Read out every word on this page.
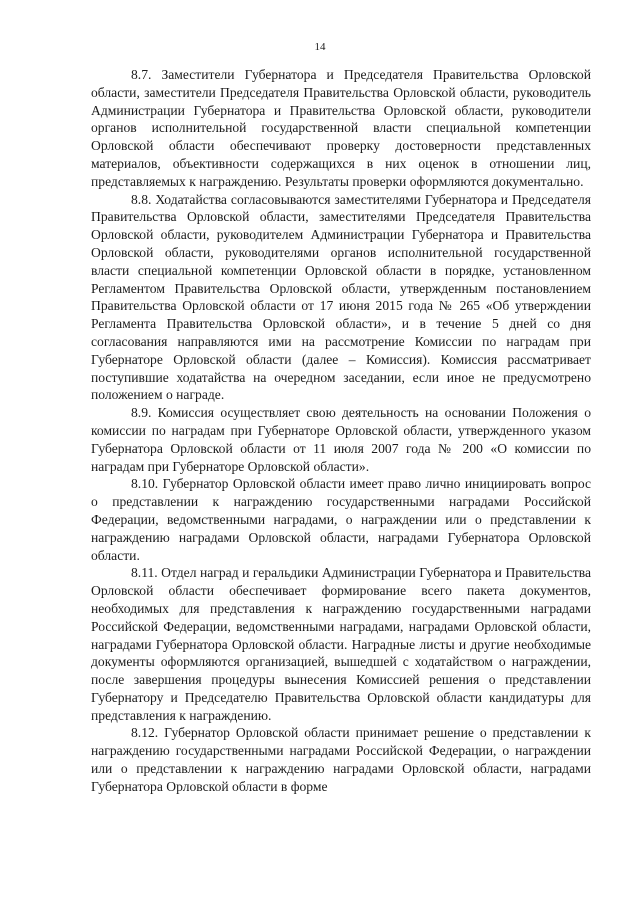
14

8.7. Заместители Губернатора и Председателя Правительства Орловской области, заместители Председателя Правительства Орловской области, руководитель Администрации Губернатора и Правительства Орловской области, руководители органов исполнительной государственной власти специальной компетенции Орловской области обеспечивают проверку достоверности представленных материалов, объективности содержащихся в них оценок в отношении лиц, представляемых к награждению. Результаты проверки оформляются документально.

8.8. Ходатайства согласовываются заместителями Губернатора и Председателя Правительства Орловской области, заместителями Председателя Правительства Орловской области, руководителем Администрации Губернатора и Правительства Орловской области, руководителями органов исполнительной государственной власти специальной компетенции Орловской области в порядке, установленном Регламентом Правительства Орловской области, утвержденным постановлением Правительства Орловской области от 17 июня 2015 года № 265 «Об утверждении Регламента Правительства Орловской области», и в течение 5 дней со дня согласования направляются ими на рассмотрение Комиссии по наградам при Губернаторе Орловской области (далее – Комиссия). Комиссия рассматривает поступившие ходатайства на очередном заседании, если иное не предусмотрено положением о награде.

8.9. Комиссия осуществляет свою деятельность на основании Положения о комиссии по наградам при Губернаторе Орловской области, утвержденного указом Губернатора Орловской области от 11 июля 2007 года № 200 «О комиссии по наградам при Губернаторе Орловской области».

8.10. Губернатор Орловской области имеет право лично инициировать вопрос о представлении к награждению государственными наградами Российской Федерации, ведомственными наградами, о награждении или о представлении к награждению наградами Орловской области, наградами Губернатора Орловской области.

8.11. Отдел наград и геральдики Администрации Губернатора и Правительства Орловской области обеспечивает формирование всего пакета документов, необходимых для представления к награждению государственными наградами Российской Федерации, ведомственными наградами, наградами Орловской области, наградами Губернатора Орловской области. Наградные листы и другие необходимые документы оформляются организацией, вышедшей с ходатайством о награждении, после завершения процедуры вынесения Комиссией решения о представлении Губернатору и Председателю Правительства Орловской области кандидатуры для представления к награждению.

8.12. Губернатор Орловской области принимает решение о представлении к награждению государственными наградами Российской Федерации, о награждении или о представлении к награждению наградами Орловской области, наградами Губернатора Орловской области в форме
